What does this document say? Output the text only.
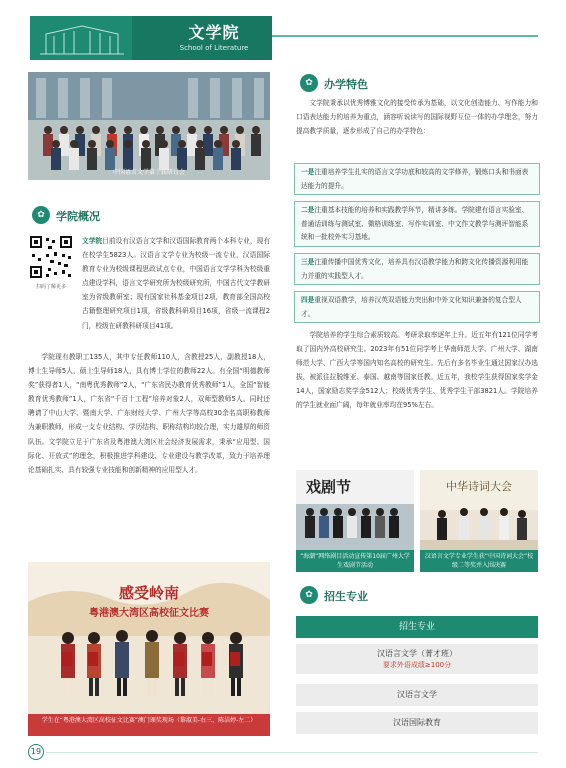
文学院
School of Literature
中国语言文学第十届研讨会
✿	学院概况
扫码了解更多
文学院目前设有汉语言文学和汉语国际教育两个本科专业，现有在校学生5823人。汉语言文学专业为校级一流专业，汉语国际教育专业为校级课程思政试点专业，中国语言文学学科为校级重点建设学科，语言文学研究所为校级研究所，中国古代文学教研室为省级教研室；现有国家社科基金项目2项，教育部全国高校古籍整理研究项目1项，省级教科研项目16项，省级一流课程2门，校级在研教科研项目41项。

学院现有教职工135人，其中专任教师110人，含教授25人，副教授18人，博士生导师5人，硕士生导师18人，具有博士学位的教师22人。有全国“明德教师奖”获得者1人，“南粤优秀教师”2人，“广东省民办教育优秀教师”1人，全国“智能教育优秀教师”1人，广东省“千百十工程”培养对象2人，双师型教师5人。同时还聘请了中山大学、暨南大学、广东财经大学、广州大学等高校30余名高职称教师为兼职教师，形成一支专业结构、学历结构、职称结构均较合理，实力雄厚的师资队伍。文学院立足于广东省及粤港澳大湾区社会经济发展需求，秉承“应用型、国际化、开放式”的理念，积极推进学科建设、专业建设与教学改革，致力于培养理论基础扎实、具有较强专业技能和创新精神的应用型人才。

感受岭南
粤港澳大湾区高校征文比赛
学生在“粤港澳大湾区高校征文比赛”澳门颁奖现场（黎淑美-右三，陈洁婷-左二）
✿	办学特色

文学院秉承以优秀博雅文化的接受传承为基础，以文化创造能力、写作能力和口语表达能力的培养为重点，涵容听说读写的国际视野互位一体的办学理念，努力提高教学质量，逐步形成了自己的办学特色：

一是注重培养学生扎实的语言文学功底和较高的文学修养，锻炼口头和书面表达能力的提升。
二是注重基本技能的培养和实践教学环节，精讲多练。学院建有语言实验室、普通话训练与测试室、微格训练室、写作实训室、中文作文教学与测评智能系统和一批校外实习基地。
三是注重传播中国优秀文化，培养具有汉语教学能力和跨文化传播资源利用能力并重的实践型人才。
四是重视双语教学，培养汉英双语能力突出和中外文化知识兼备的复合型人才。

学院培养的学生综合素质较高。考研录取率逐年上升。近五年有121位同学考取了国内外高校研究生。2023年有51位同学考上华南师范大学、广州大学、湖南师范大学、广西大学等国内知名高校的研究生。先后有多名毕业生通过国家汉办选拔，被派往拉脱维亚、泰国、越南等国家任教。近五年，我校学生获得国家奖学金14人，国家励志奖学金512人；校级优秀学生、优秀学生干部3821人。学院培养的学生就业面广阔，每年就业率均在95%左右。

戏剧节
“海潮”网络剧目活动宣传第10届广州大学生戏剧节活动
中华诗词大会
汉语言文学专业学生获“中国诗词大会”校级二等奖并入围决赛
✿	招生专业
招生专业
汉语言文学（菁才班）
要求外语成绩≥100分
汉语言文学
汉语国际教育
19
